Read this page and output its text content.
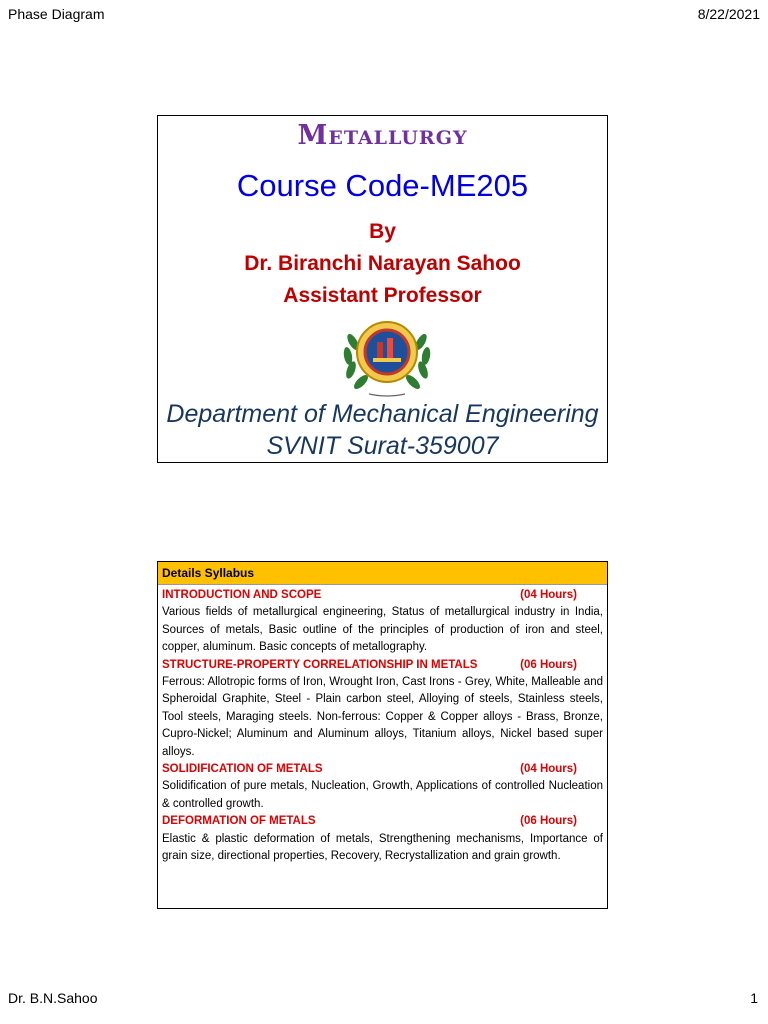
Phase Diagram	8/22/2021
Metallurgy
Course Code-ME205
By
Dr. Biranchi Narayan Sahoo
Assistant Professor
Department of Mechanical Engineering
SVNIT Surat-359007
Details Syllabus
INTRODUCTION AND SCOPE	(04 Hours)
Various fields of metallurgical engineering, Status of metallurgical industry in India, Sources of metals, Basic outline of the principles of production of iron and steel, copper, aluminum. Basic concepts of metallography.
STRUCTURE-PROPERTY CORRELATIONSHIP IN METALS	(06 Hours)
Ferrous: Allotropic forms of Iron, Wrought Iron, Cast Irons - Grey, White, Malleable and Spheroidal Graphite, Steel - Plain carbon steel, Alloying of steels, Stainless steels, Tool steels, Maraging steels. Non-ferrous: Copper & Copper alloys - Brass, Bronze, Cupro-Nickel; Aluminum and Aluminum alloys, Titanium alloys, Nickel based super alloys.
SOLIDIFICATION OF METALS	(04 Hours)
Solidification of pure metals, Nucleation, Growth, Applications of controlled Nucleation & controlled growth.
DEFORMATION OF METALS	(06 Hours)
Elastic & plastic deformation of metals, Strengthening mechanisms, Importance of grain size, directional properties, Recovery, Recrystallization and grain growth.
Dr. B.N.Sahoo	1
